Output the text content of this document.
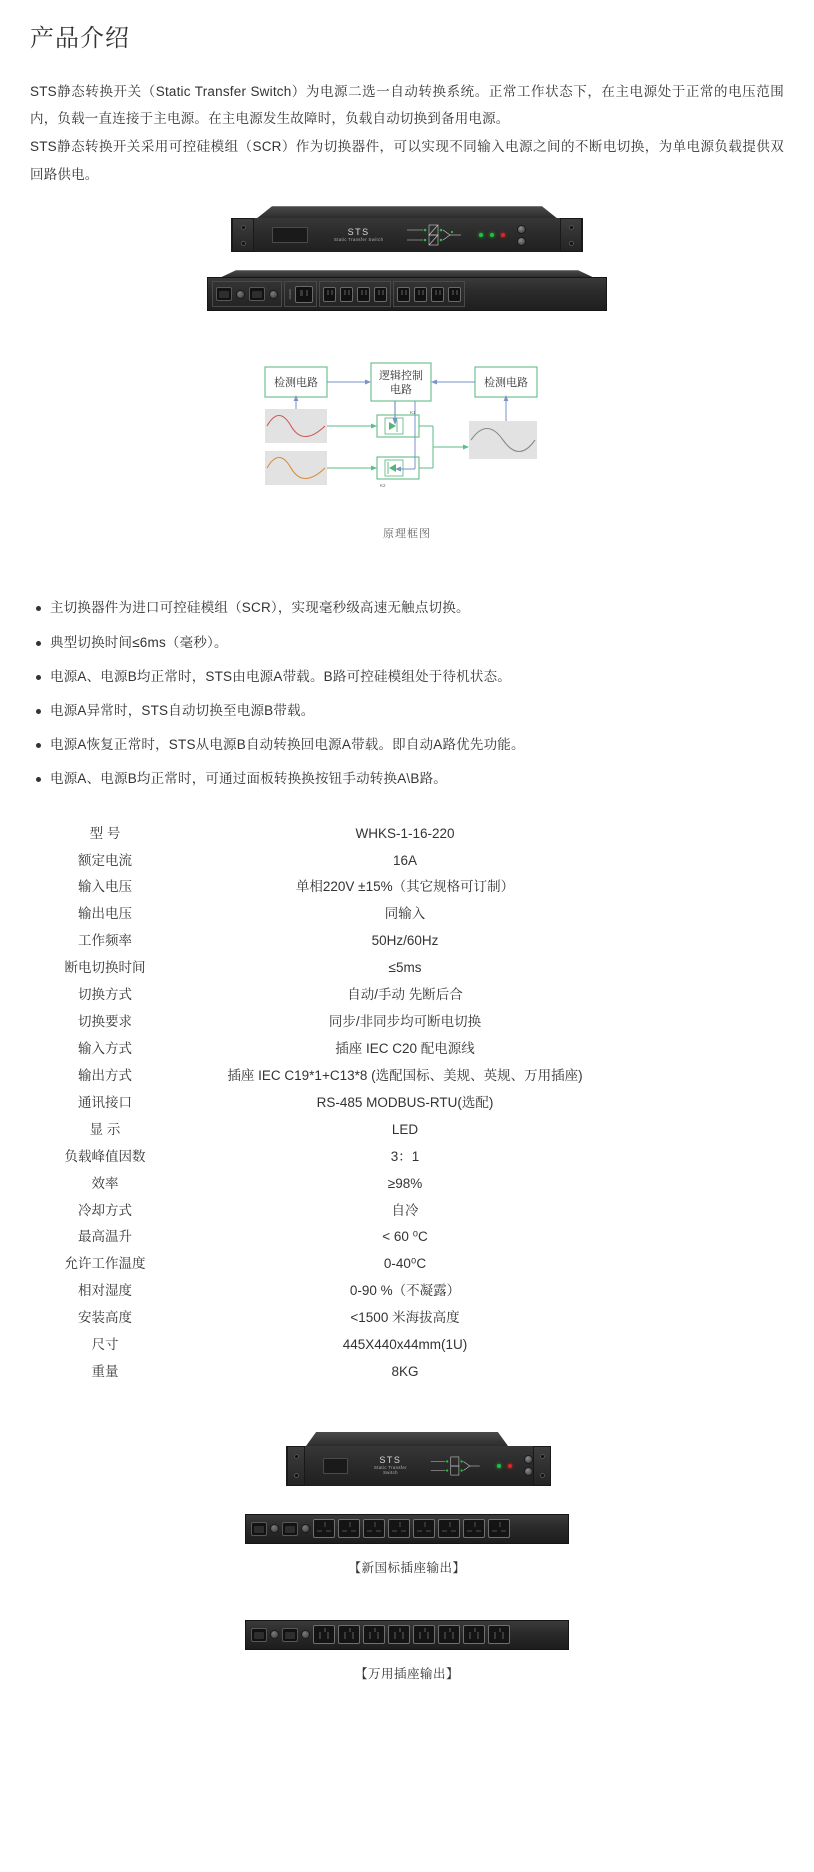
产品介绍

STS静态转换开关（Static Transfer Switch）为电源二选一自动转换系统。正常工作状态下，在主电源处于正常的电压范围内，负载一直连接于主电源。在主电源发生故障时，负载自动切换到备用电源。

STS静态转换开关采用可控硅模组（SCR）作为切换器件，可以实现不同输入电源之间的不断电切换，为单电源负载提供双回路供电。

STS
Static Transfer Switch
OUTPUT
检测电路
逻辑控制
电路
检测电路
K1
K2
原理框图
主切换器件为进口可控硅模组（SCR），实现毫秒级高速无触点切换。
典型切换时间≤6ms（毫秒）。
电源A、电源B均正常时，STS由电源A带载。B路可控硅模组处于待机状态。
电源A异常时，STS自动切换至电源B带载。
电源A恢复正常时，STS从电源B自动转换回电源A带载。即自动A路优先功能。
电源A、电源B均正常时，可通过面板转换换按钮手动转换A\B路。
型 号	WHKS-1-16-220
额定电流	16A
输入电压	单相220V ±15%（其它规格可订制）
输出电压	同输入
工作频率	50Hz/60Hz
断电切换时间	≤5ms
切换方式	自动/手动 先断后合
切换要求	同步/非同步均可断电切换
输入方式	插座 IEC C20 配电源线
输出方式	插座 IEC C19*1+C13*8 (选配国标、美规、英规、万用插座)
通讯接口	RS-485 MODBUS-RTU(选配)
显 示	LED
负载峰值因数	3：1
效率	≥98%
冷却方式	自冷
最高温升	< 60 ⁰C
允许工作温度	0-40⁰C
相对湿度	0-90 %（不凝露）
安装高度	<1500 米海拔高度
尺寸	445X440x44mm(1U)
重量	8KG
STS
Static Transfer Switch
【新国标插座输出】
【万用插座输出】
